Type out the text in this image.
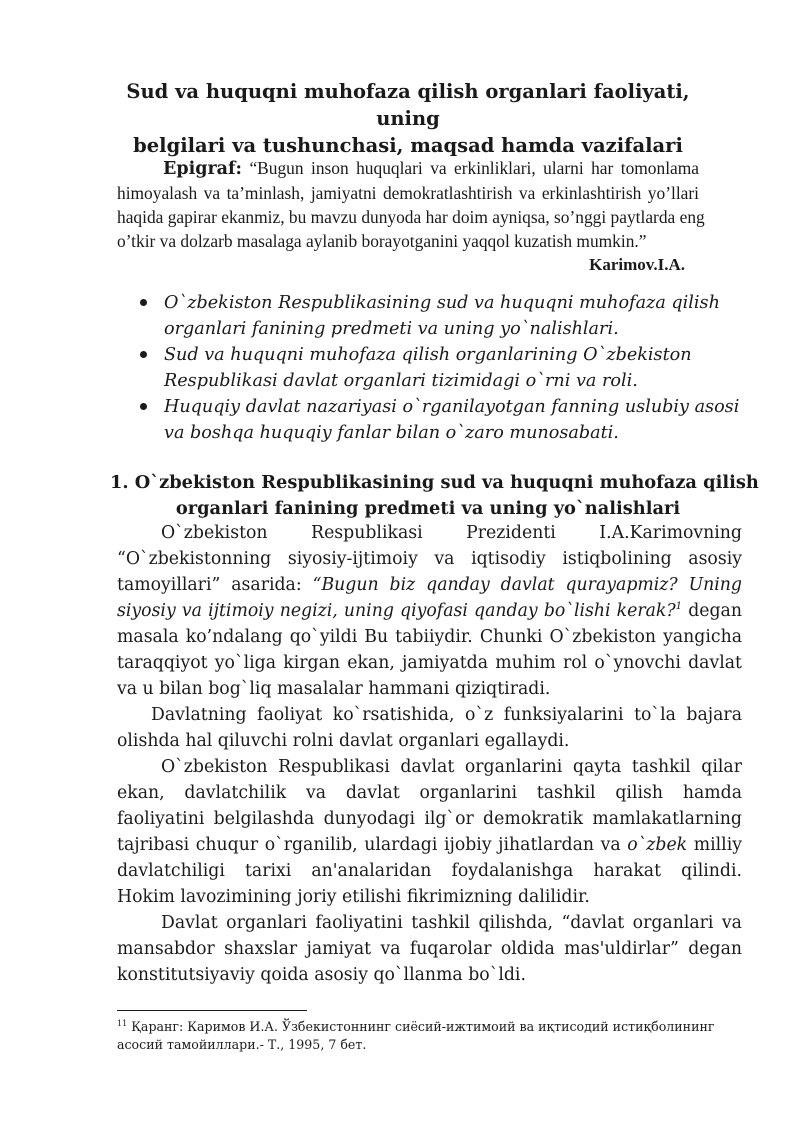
Sud va huquqni muhofaza qilish organlari faoliyati, uning
belgilari va tushunchasi, maqsad hamda vazifalari
Epigraf: “Bugun inson huquqlari va erkinliklari, ularni har tomonlama
himoyalash va ta’minlash, jamiyatni demokratlashtirish va erkinlashtirish yo’llari
haqida gapirar ekanmiz, bu mavzu dunyoda har doim ayniqsa, so’nggi paytlarda eng
o’tkir va dolzarb masalaga aylanib borayotganini yaqqol kuzatish mumkin.”
Karimov.I.A.
O`zbekiston Respublikasining sud va huquqni muhofaza qilish
organlari fanining predmeti va uning yo`nalishlari.
Sud va huquqni muhofaza qilish organlarining O`zbekiston
Respublikasi davlat organlari tizimidagi o`rni va roli.
Huquqiy davlat nazariyasi o`rganilayotgan fanning uslubiy asosi
va boshqa huquqiy fanlar bilan o`zaro munosabati.
1. O`zbekiston Respublikasining sud va huquqni muhofaza qilish
organlari fanining predmeti va uning yo`nalishlari

O`zbekiston Respublikasi Prezidenti I.A.Karimovning
“O`zbekistonning siyosiy-ijtimoiy va iqtisodiy istiqbolining asosiy
tamoyillari” asarida: “Bugun biz qanday davlat qurayapmiz? Uning
siyosiy va ijtimoiy negizi, uning qiyofasi qanday bo`lishi kerak?$^1$ degan
masala ko’ndalang qo`yildi Bu tabiiydir. Chunki O`zbekiston yangicha
taraqqiyot yo`liga kirgan ekan, jamiyatda muhim rol o`ynovchi davlat
va u bilan bog`liq masalalar hammani qiziqtiradi.

Davlatning faoliyat ko`rsatishida, o`z funksiyalarini to`la bajara
olishda hal qiluvchi rolni davlat organlari egallaydi.

O`zbekiston Respublikasi davlat organlarini qayta tashkil qilar
ekan, davlatchilik va davlat organlarini tashkil qilish hamda
faoliyatini belgilashda dunyodagi ilg`or demokratik mamlakatlarning
tajribasi chuqur o`rganilib, ulardagi ijobiy jihatlardan va o`zbek milliy
davlatchiligi tarixi an'analaridan foydalanishga harakat qilindi.
Hokim lavozimining joriy etilishi fikrimizning dalilidir.

Davlat organlari faoliyatini tashkil qilishda, “davlat organlari va
mansabdor shaxslar jamiyat va fuqarolar oldida mas'uldirlar” degan
konstitutsiyaviy qoida asosiy qo`llanma bo`ldi.

$^{11}$ Қаранг: Каримов И.А. Ўзбекистоннинг сиёсий-ижтимоий ва иқтисодий истиқболининг
асосий тамойиллари.- Т., 1995, 7 бет.
